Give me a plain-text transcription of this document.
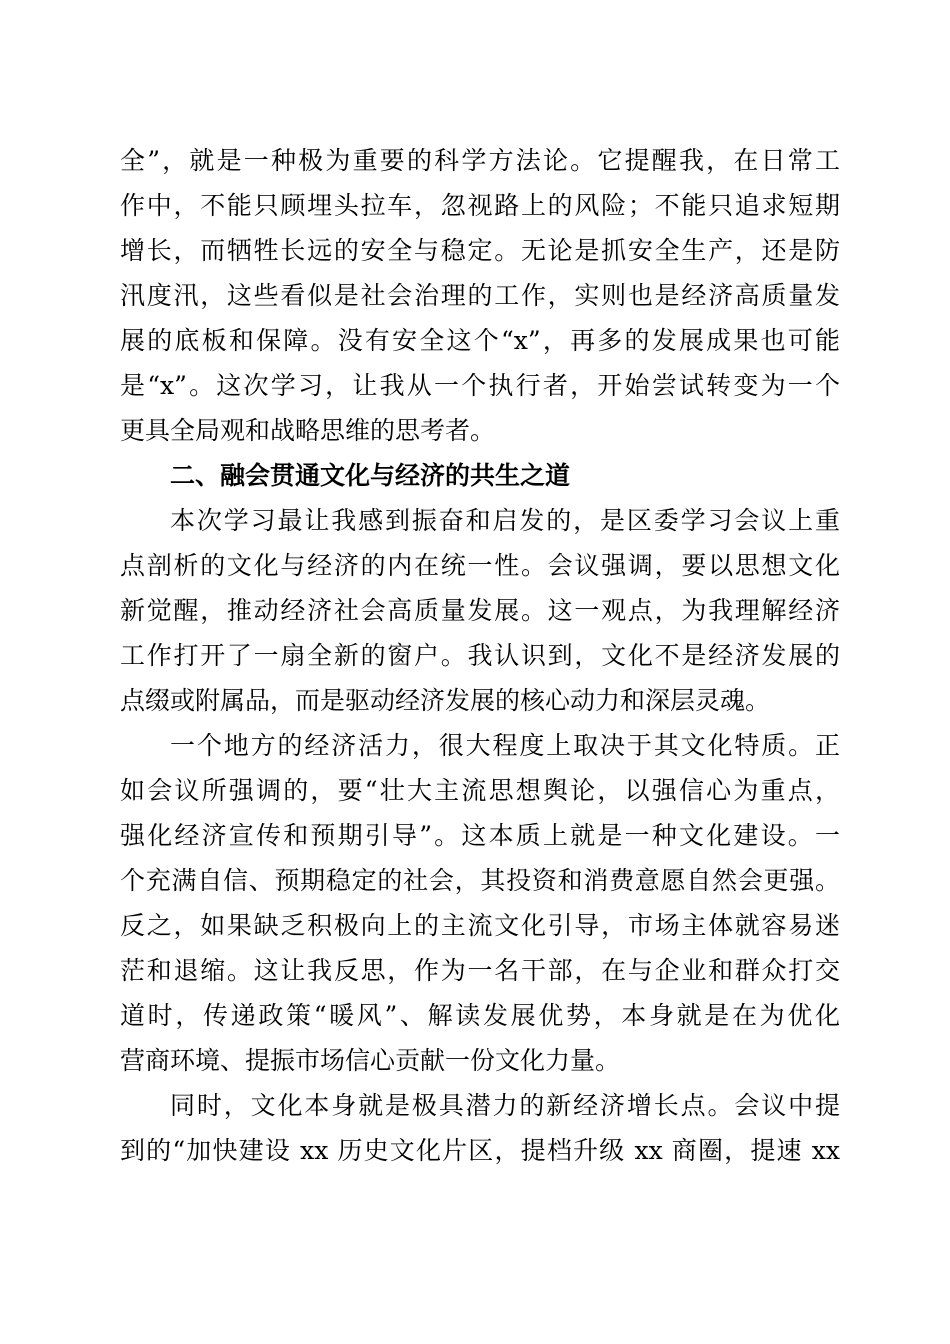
全”，就是一种极为重要的科学方法论。它提醒我，在日常工
作中，不能只顾埋头拉车，忽视路上的风险；不能只追求短期
增长，而牺牲长远的安全与稳定。无论是抓安全生产，还是防
汛度汛，这些看似是社会治理的工作，实则也是经济高质量发
展的底板和保障。没有安全这个“x”，再多的发展成果也可能
是“x”。这次学习，让我从一个执行者，开始尝试转变为一个
更具全局观和战略思维的思考者。
二、融会贯通文化与经济的共生之道
本次学习最让我感到振奋和启发的，是区委学习会议上重
点剖析的文化与经济的内在统一性。会议强调，要以思想文化
新觉醒，推动经济社会高质量发展。这一观点，为我理解经济
工作打开了一扇全新的窗户。我认识到，文化不是经济发展的
点缀或附属品，而是驱动经济发展的核心动力和深层灵魂。
一个地方的经济活力，很大程度上取决于其文化特质。正
如会议所强调的，要“壮大主流思想舆论，以强信心为重点，
强化经济宣传和预期引导”。这本质上就是一种文化建设。一
个充满自信、预期稳定的社会，其投资和消费意愿自然会更强。
反之，如果缺乏积极向上的主流文化引导，市场主体就容易迷
茫和退缩。这让我反思，作为一名干部，在与企业和群众打交
道时，传递政策“暖风”、解读发展优势，本身就是在为优化
营商环境、提振市场信心贡献一份文化力量。
同时，文化本身就是极具潜力的新经济增长点。会议中提
到的“加快建设 xx 历史文化片区，提档升级 xx 商圈，提速 xx
